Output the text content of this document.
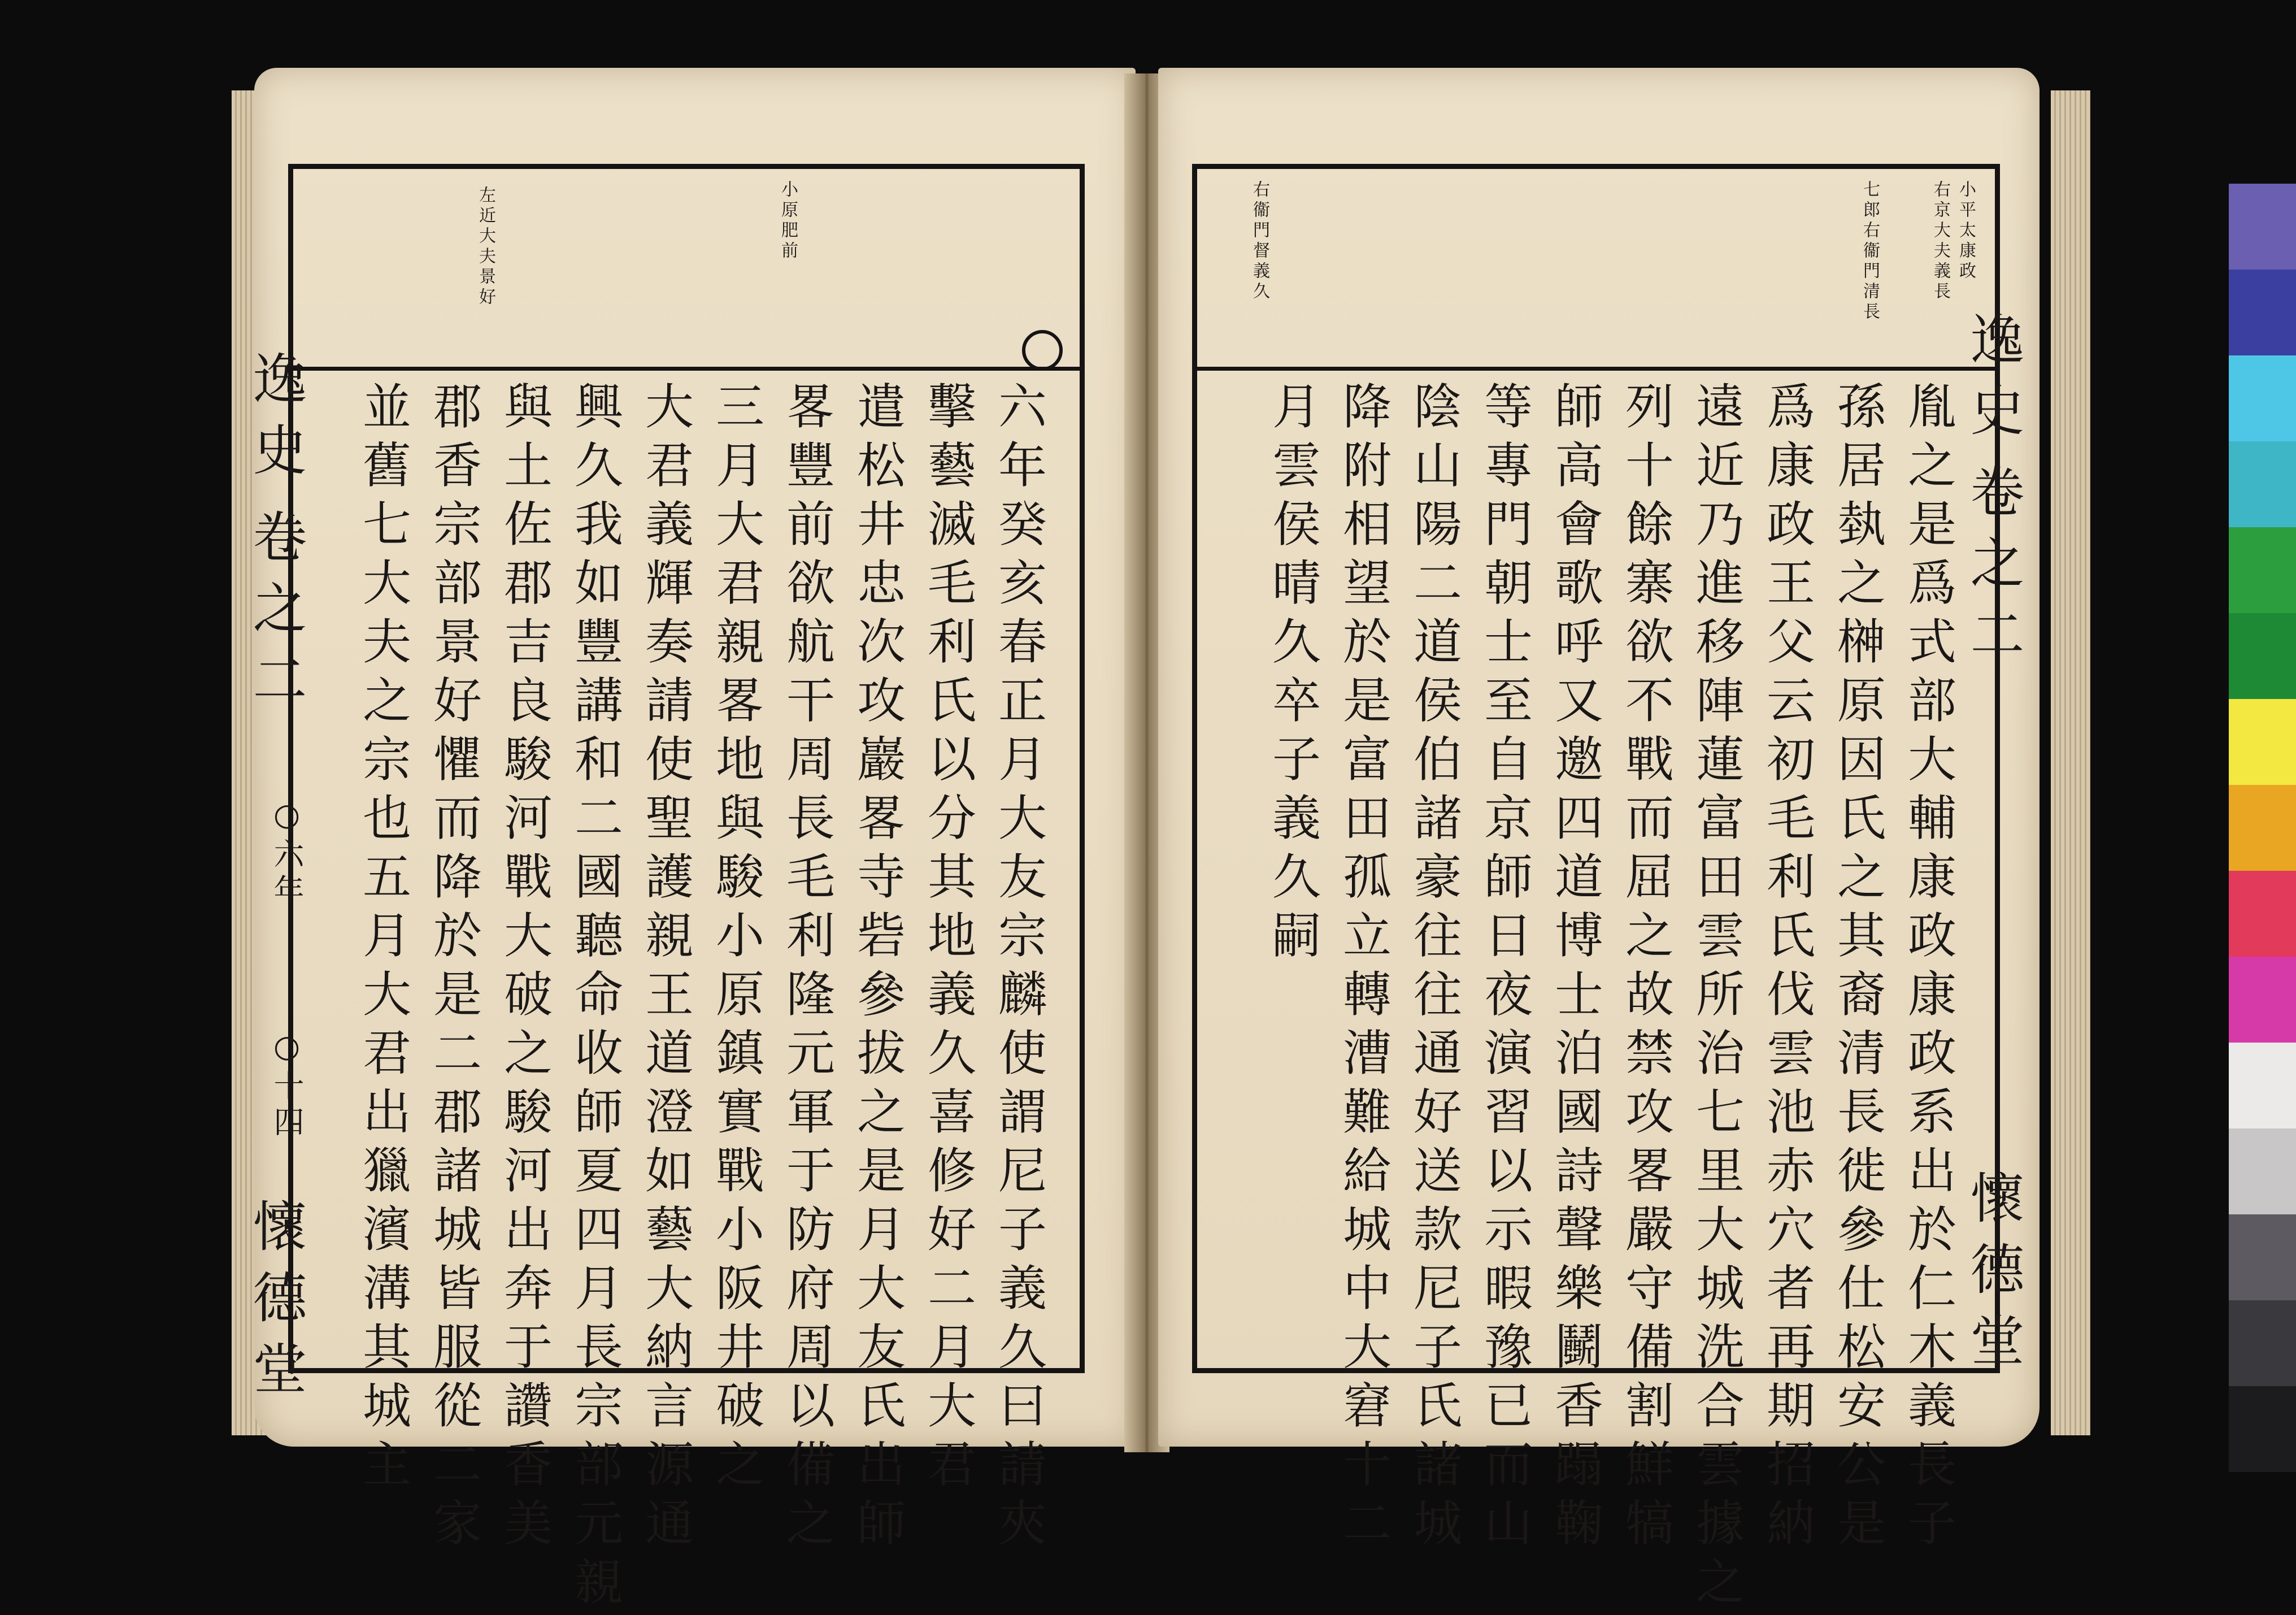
左近大夫景好	小原肥前
六年癸亥春正月大友宗麟使謂尼子義久曰請夾
擊藝滅毛利氏以分其地義久喜修好二月大君
遣松井忠次攻巖畧寺砦參拔之是月大友氏出師
畧豐前欲航干周長毛利隆元軍于防府周以備之
三月大君親畧地與駿小原鎮實戰小阪井破之
大君義輝奏請使聖護親王道澄如藝大納言源通
興久我如豐講和二國聽命收師夏四月長宗部元親
與土佐郡吉良駿河戰大破之駿河出奔于讚香美
郡香宗部景好懼而降於是二郡諸城皆服從二家
並舊七大夫之宗也五月大君出獵濱溝其城主
逸史
卷之二
○六年
○十四
懷德堂
小平太康政
右京大夫義長
七郎右衞門清長
右衞門督義久
胤之是爲式部大輔康政康政系出於仁木義長子
孫居埶之榊原因氏之其裔清長徙參仕松安公是
爲康政王父云初毛利氏伐雲池赤穴者再期招納
遠近乃進移陣蓮富田雲所治七里大城洗合雲據之
列十餘寨欲不戰而屈之故禁攻畧嚴守備割鮮犒
師高會歌呼又邀四道博士泊國詩聲樂鬭香蹋鞠
等專門朝士至自京師日夜演習以示暇豫已而山
陰山陽二道侯伯諸豪往往通好送款尼子氏諸城
降附相望於是富田孤立轉漕難給城中大窘十二
月雲侯晴久卒子義久嗣	逸史
卷之二
懷德堂
